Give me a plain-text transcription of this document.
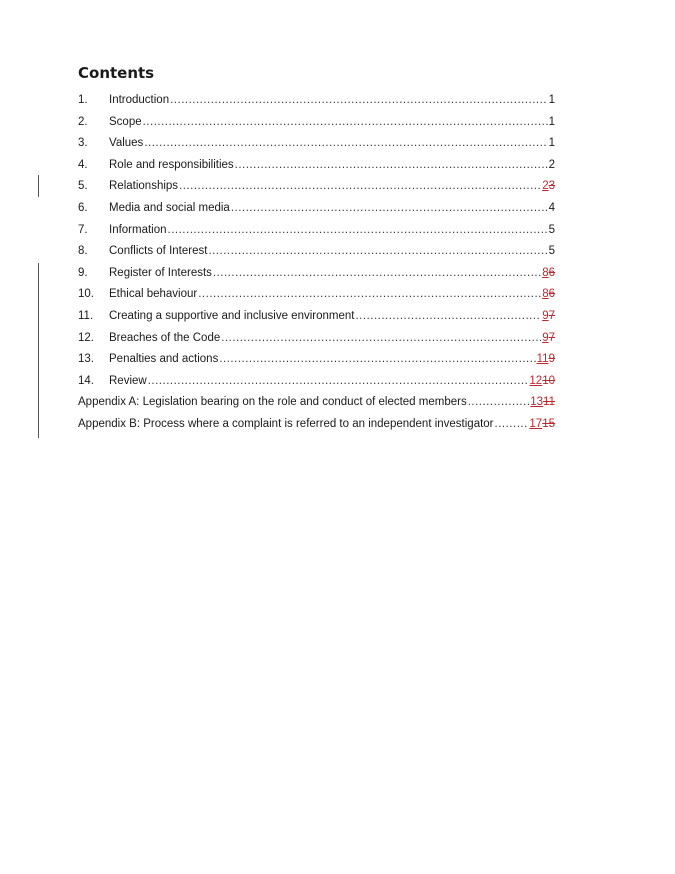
Contents
1.	Introduction .....	1
2.	Scope .....	1
3.	Values .....	1
4.	Role and responsibilities .....	2
5.	Relationships .....	23
6.	Media and social media .....	4
7.	Information .....	5
8.	Conflicts of Interest .....	5
9.	Register of Interests .....	86
10.	Ethical behaviour .....	86
11.	Creating a supportive and inclusive environment .....	97
12.	Breaches of the Code .....	97
13.	Penalties and actions .....	119
14.	Review .....	1210
Appendix A: Legislation bearing on the role and conduct of elected members .....	1311
Appendix B: Process where a complaint is referred to an independent investigator .....	1715
